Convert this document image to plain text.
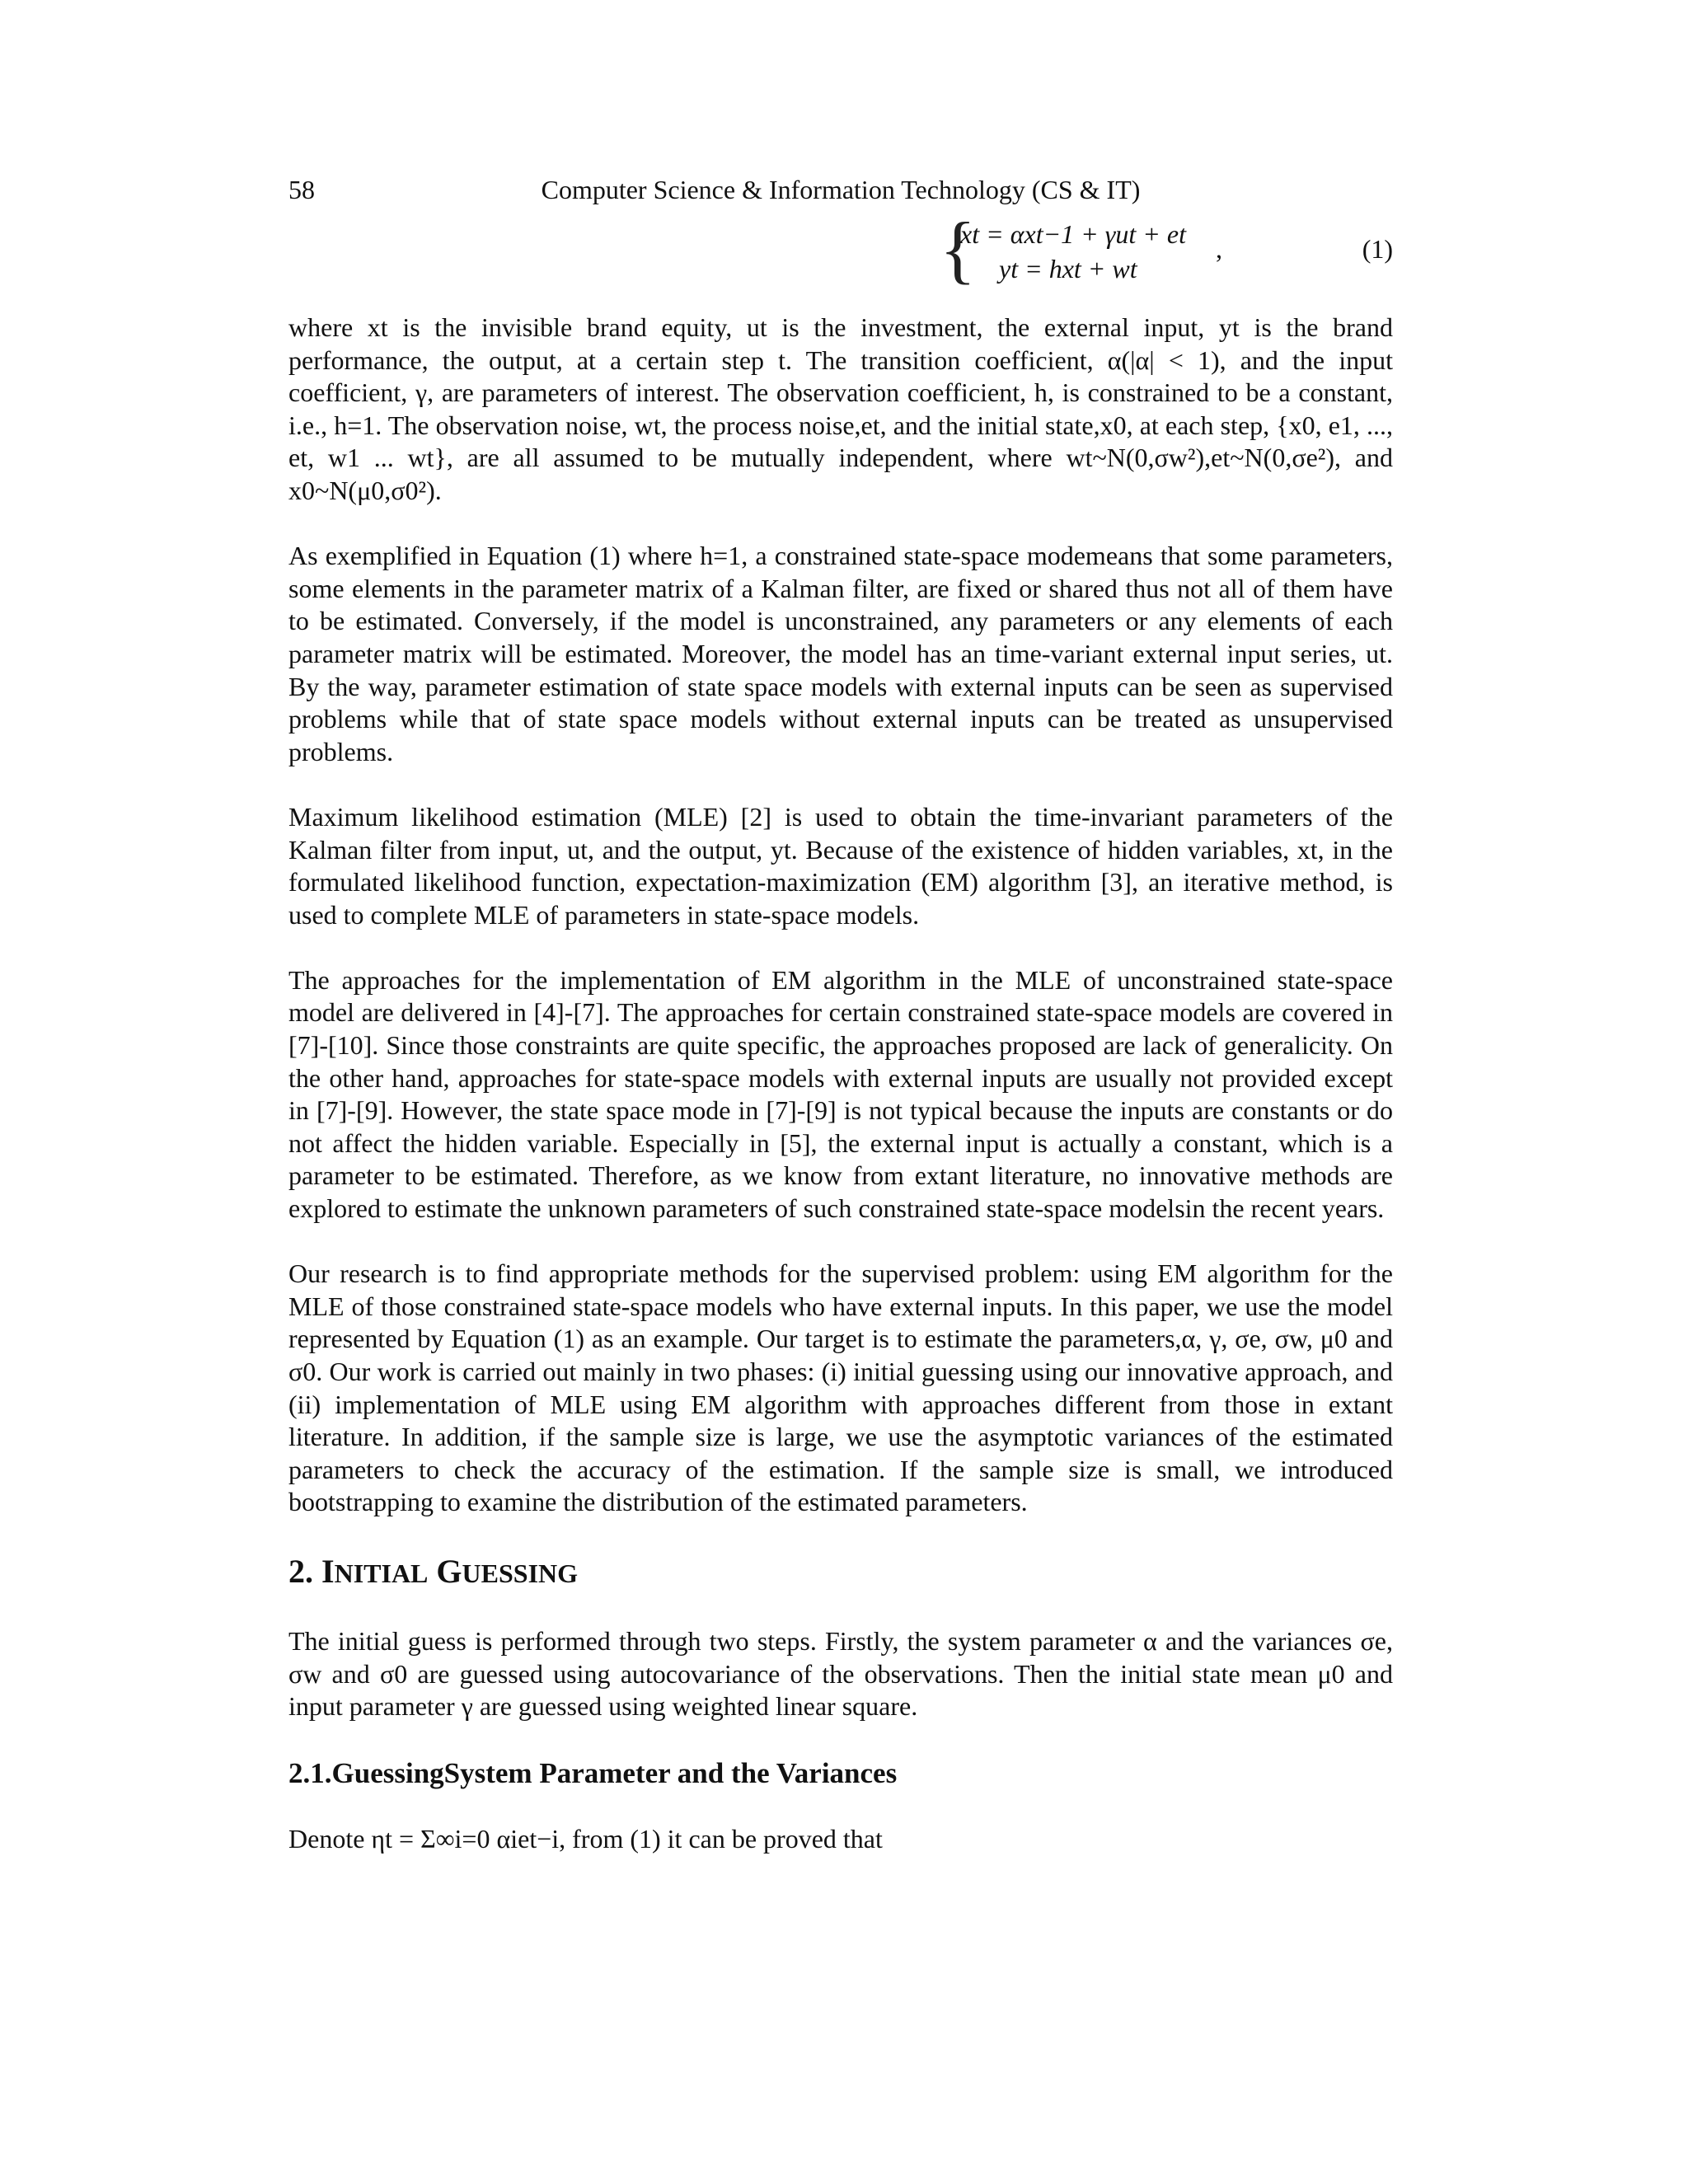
58	Computer Science & Information Technology (CS & IT)
{
xt = αxt−1 + γut + et
yt = hxt + wt
,	(1)

where xt is the invisible brand equity, ut is the investment, the external input, yt is the brand performance, the output, at a certain step t. The transition coefficient, α(|α| < 1), and the input coefficient, γ, are parameters of interest. The observation coefficient, h, is constrained to be a constant, i.e., h=1. The observation noise, wt, the process noise,et, and the initial state,x0, at each step, {x0, e1, ..., et, w1 ... wt}, are all assumed to be mutually independent, where wt~N(0,σw²),et~N(0,σe²), and x0~N(μ0,σ0²).

As exemplified in Equation (1) where h=1, a constrained state-space modemeans that some parameters, some elements in the parameter matrix of a Kalman filter, are fixed or shared thus not all of them have to be estimated. Conversely, if the model is unconstrained, any parameters or any elements of each parameter matrix will be estimated. Moreover, the model has an time-variant external input series, ut. By the way, parameter estimation of state space models with external inputs can be seen as supervised problems while that of state space models without external inputs can be treated as unsupervised problems.

Maximum likelihood estimation (MLE) [2] is used to obtain the time-invariant parameters of the Kalman filter from input, ut, and the output, yt. Because of the existence of hidden variables, xt, in the formulated likelihood function, expectation-maximization (EM) algorithm [3], an iterative method, is used to complete MLE of parameters in state-space models.

The approaches for the implementation of EM algorithm in the MLE of unconstrained state-space model are delivered in [4]-[7]. The approaches for certain constrained state-space models are covered in [7]-[10]. Since those constraints are quite specific, the approaches proposed are lack of generalicity. On the other hand, approaches for state-space models with external inputs are usually not provided except in [7]-[9]. However, the state space mode in [7]-[9] is not typical because the inputs are constants or do not affect the hidden variable. Especially in [5], the external input is actually a constant, which is a parameter to be estimated. Therefore, as we know from extant literature, no innovative methods are explored to estimate the unknown parameters of such constrained state-space modelsin the recent years.

Our research is to find appropriate methods for the supervised problem: using EM algorithm for the MLE of those constrained state-space models who have external inputs. In this paper, we use the model represented by Equation (1) as an example. Our target is to estimate the parameters,α, γ, σe, σw, μ0 and σ0. Our work is carried out mainly in two phases: (i) initial guessing using our innovative approach, and (ii) implementation of MLE using EM algorithm with approaches different from those in extant literature. In addition, if the sample size is large, we use the asymptotic variances of the estimated parameters to check the accuracy of the estimation. If the sample size is small, we introduced bootstrapping to examine the distribution of the estimated parameters.

2. INITIAL GUESSING

The initial guess is performed through two steps. Firstly, the system parameter α and the variances σe, σw and σ0 are guessed using autocovariance of the observations. Then the initial state mean μ0 and input parameter γ are guessed using weighted linear square.

2.1.GuessingSystem Parameter and the Variances

Denote ηt = Σ∞i=0 αiet−i, from (1) it can be proved that
